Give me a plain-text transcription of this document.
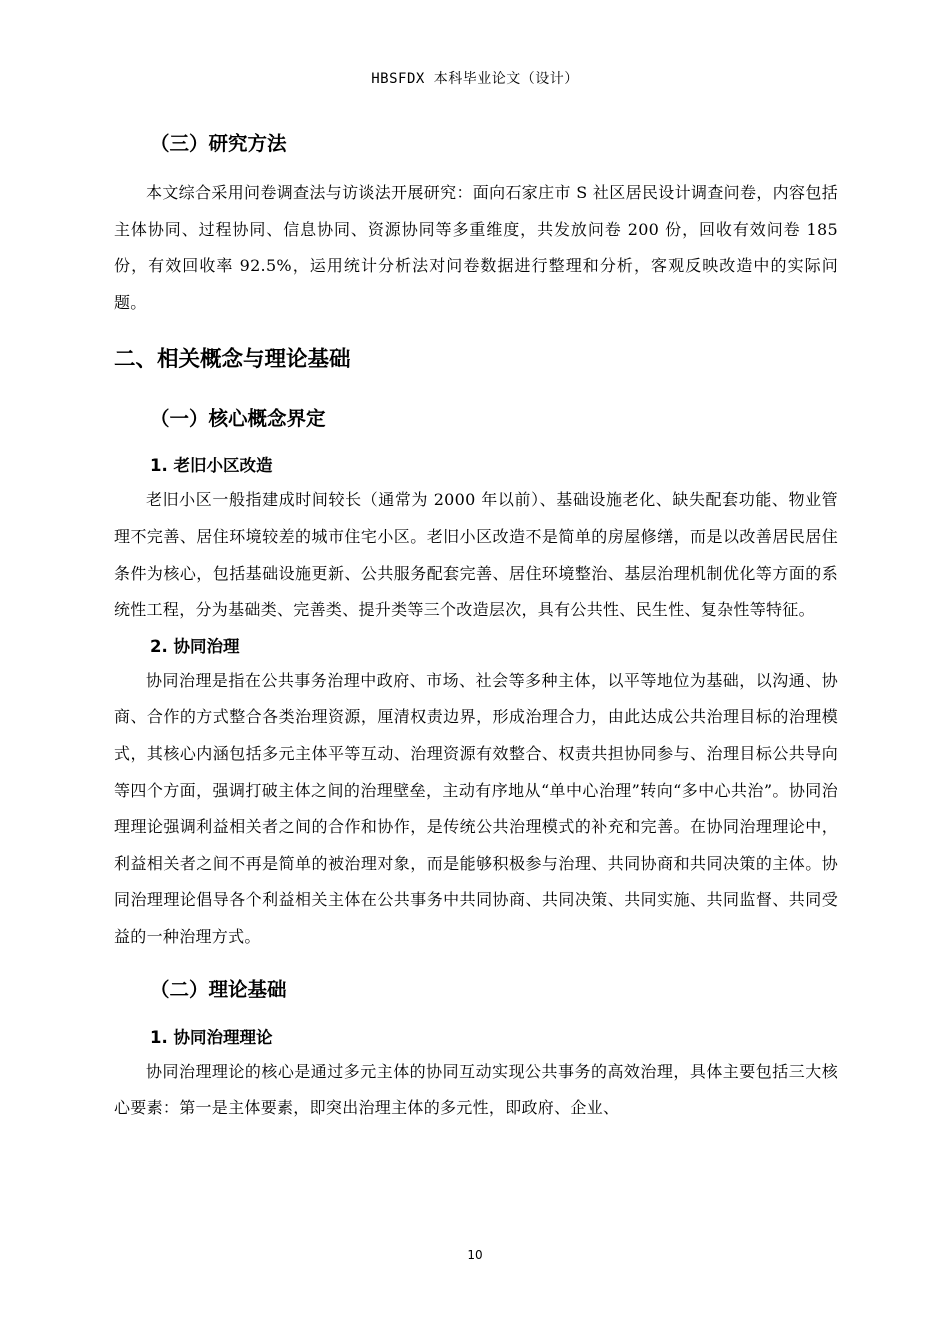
HBSFDX 本科毕业论文（设计）
（三）研究方法

本文综合采用问卷调查法与访谈法开展研究：面向石家庄市 S 社区居民设计调查问卷，内容包括主体协同、过程协同、信息协同、资源协同等多重维度，共发放问卷 200 份，回收有效问卷 185 份，有效回收率 92.5%，运用统计分析法对问卷数据进行整理和分析，客观反映改造中的实际问题。

二、相关概念与理论基础
（一）核心概念界定
1. 老旧小区改造

老旧小区一般指建成时间较长（通常为 2000 年以前）、基础设施老化、缺失配套功能、物业管理不完善、居住环境较差的城市住宅小区。老旧小区改造不是简单的房屋修缮，而是以改善居民居住条件为核心，包括基础设施更新、公共服务配套完善、居住环境整治、基层治理机制优化等方面的系统性工程，分为基础类、完善类、提升类等三个改造层次，具有公共性、民生性、复杂性等特征。

2. 协同治理

协同治理是指在公共事务治理中政府、市场、社会等多种主体，以平等地位为基础，以沟通、协商、合作的方式整合各类治理资源，厘清权责边界，形成治理合力，由此达成公共治理目标的治理模式，其核心内涵包括多元主体平等互动、治理资源有效整合、权责共担协同参与、治理目标公共导向等四个方面，强调打破主体之间的治理壁垒，主动有序地从“单中心治理”转向“多中心共治”。协同治理理论强调利益相关者之间的合作和协作，是传统公共治理模式的补充和完善。在协同治理理论中，利益相关者之间不再是简单的被治理对象，而是能够积极参与治理、共同协商和共同决策的主体。协同治理理论倡导各个利益相关主体在公共事务中共同协商、共同决策、共同实施、共同监督、共同受益的一种治理方式。

（二）理论基础
1. 协同治理理论

协同治理理论的核心是通过多元主体的协同互动实现公共事务的高效治理，具体主要包括三大核心要素：第一是主体要素，即突出治理主体的多元性，即政府、企业、

10
